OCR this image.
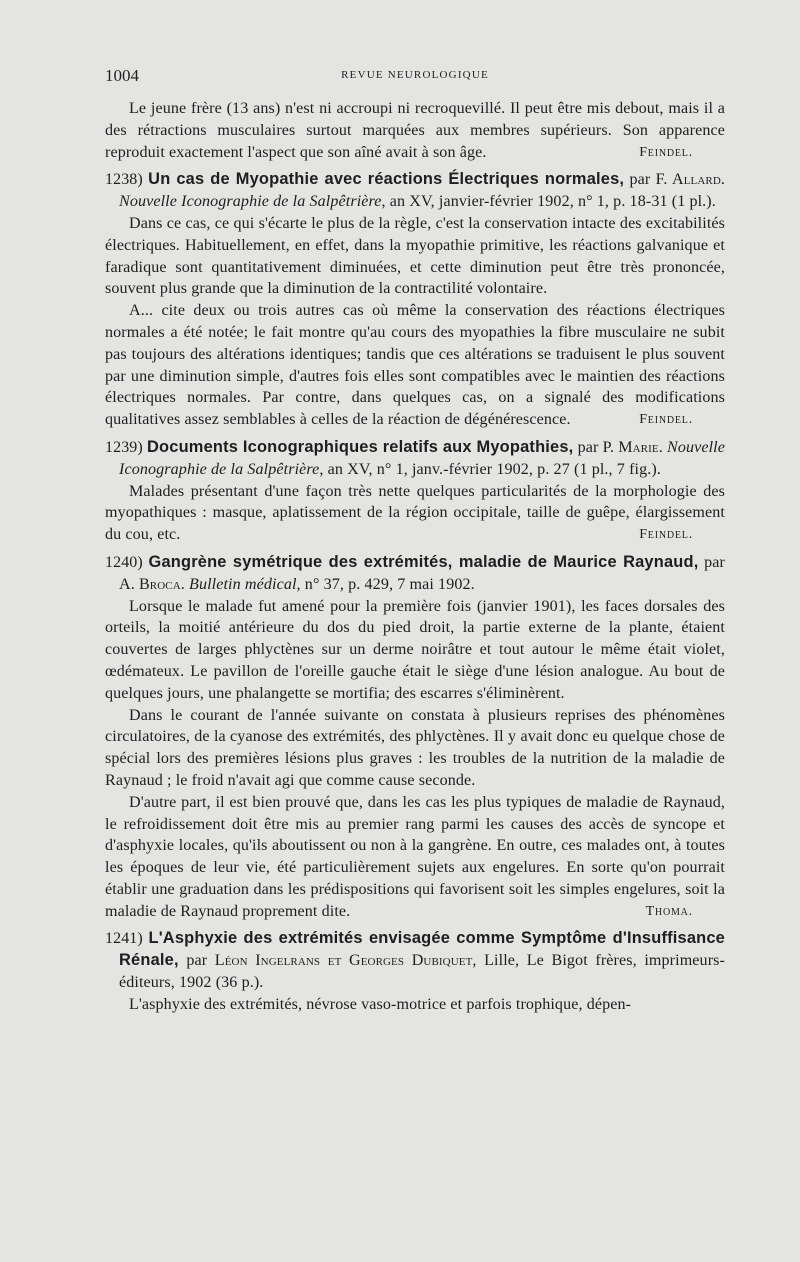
1004	REVUE NEUROLOGIQUE

Le jeune frère (13 ans) n'est ni accroupi ni recroquevillé. Il peut être mis debout, mais il a des rétractions musculaires surtout marquées aux membres supérieurs. Son apparence reproduit exactement l'aspect que son aîné avait à son âge.	Feindel.

1238) Un cas de Myopathie avec réactions Électriques normales, par F. Allard. Nouvelle Iconographie de la Salpêtrière, an XV, janvier-février 1902, n° 1, p. 18-31 (1 pl.).

Dans ce cas, ce qui s'écarte le plus de la règle, c'est la conservation intacte des excitabilités électriques. Habituellement, en effet, dans la myopathie primitive, les réactions galvanique et faradique sont quantitativement diminuées, et cette diminution peut être très prononcée, souvent plus grande que la diminution de la contractilité volontaire.

A... cite deux ou trois autres cas où même la conservation des réactions électriques normales a été notée; le fait montre qu'au cours des myopathies la fibre musculaire ne subit pas toujours des altérations identiques; tandis que ces altérations se traduisent le plus souvent par une diminution simple, d'autres fois elles sont compatibles avec le maintien des réactions électriques normales. Par contre, dans quelques cas, on a signalé des modifications qualitatives assez semblables à celles de la réaction de dégénérescence.	Feindel.

1239) Documents Iconographiques relatifs aux Myopathies, par P. Marie. Nouvelle Iconographie de la Salpêtrière, an XV, n° 1, janv.-février 1902, p. 27 (1 pl., 7 fig.).

Malades présentant d'une façon très nette quelques particularités de la morphologie des myopathiques : masque, aplatissement de la région occipitale, taille de guêpe, élargissement du cou, etc.	Feindel.

1240) Gangrène symétrique des extrémités, maladie de Maurice Raynaud, par A. Broca. Bulletin médical, n° 37, p. 429, 7 mai 1902.

Lorsque le malade fut amené pour la première fois (janvier 1901), les faces dorsales des orteils, la moitié antérieure du dos du pied droit, la partie externe de la plante, étaient couvertes de larges phlyctènes sur un derme noirâtre et tout autour le même était violet, œdémateux. Le pavillon de l'oreille gauche était le siège d'une lésion analogue. Au bout de quelques jours, une phalangette se mortifia; des escarres s'éliminèrent.

Dans le courant de l'année suivante on constata à plusieurs reprises des phénomènes circulatoires, de la cyanose des extrémités, des phlyctènes. Il y avait donc eu quelque chose de spécial lors des premières lésions plus graves : les troubles de la nutrition de la maladie de Raynaud ; le froid n'avait agi que comme cause seconde.

D'autre part, il est bien prouvé que, dans les cas les plus typiques de maladie de Raynaud, le refroidissement doit être mis au premier rang parmi les causes des accès de syncope et d'asphyxie locales, qu'ils aboutissent ou non à la gangrène. En outre, ces malades ont, à toutes les époques de leur vie, été particulièrement sujets aux engelures. En sorte qu'on pourrait établir une graduation dans les prédispositions qui favorisent soit les simples engelures, soit la maladie de Raynaud proprement dite.	Thoma.

1241) L'Asphyxie des extrémités envisagée comme Symptôme d'Insuffisance Rénale, par Léon Ingelrans et Georges Dubiquet, Lille, Le Bigot frères, imprimeurs-éditeurs, 1902 (36 p.).

L'asphyxie des extrémités, névrose vaso-motrice et parfois trophique, dépen-
